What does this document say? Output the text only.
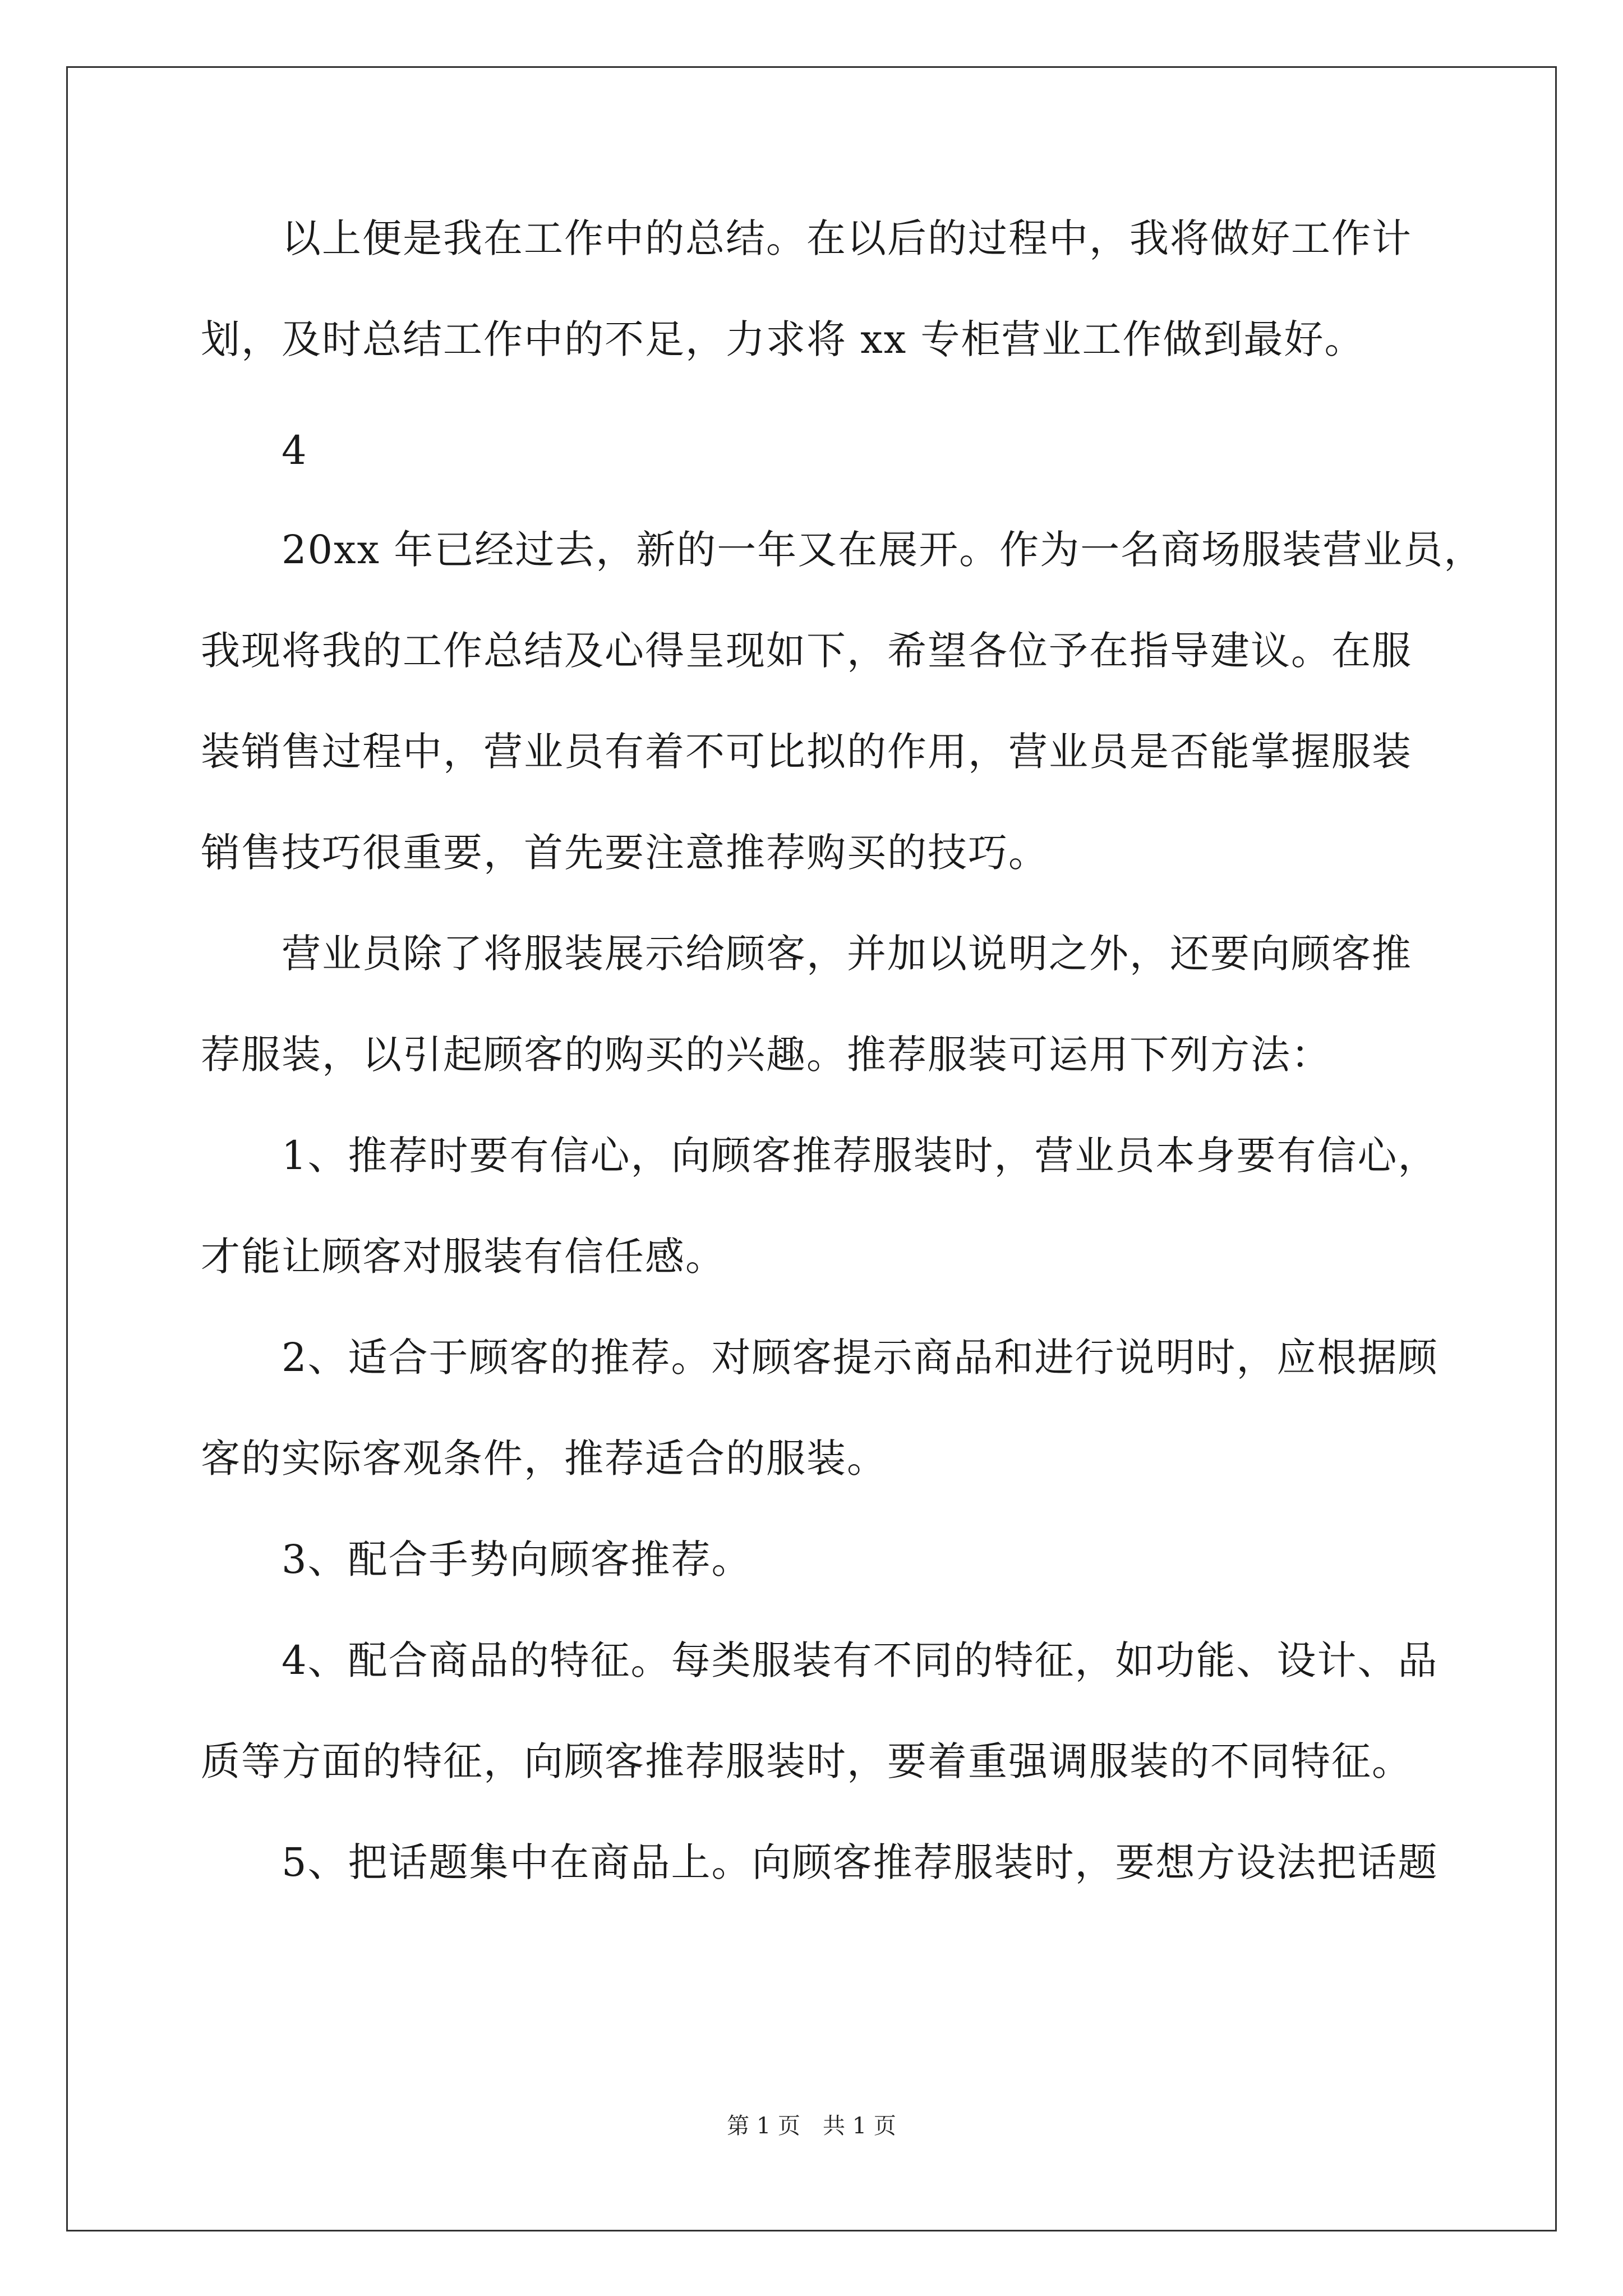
以上便是我在工作中的总结。在以后的过程中，我将做好工作计
划，及时总结工作中的不足，力求将 xx 专柜营业工作做到最好。
4
20xx 年已经过去，新的一年又在展开。作为一名商场服装营业员，
我现将我的工作总结及心得呈现如下，希望各位予在指导建议。在服
装销售过程中，营业员有着不可比拟的作用，营业员是否能掌握服装
销售技巧很重要，首先要注意推荐购买的技巧。
营业员除了将服装展示给顾客，并加以说明之外，还要向顾客推
荐服装，以引起顾客的购买的兴趣。推荐服装可运用下列方法：
1、推荐时要有信心，向顾客推荐服装时，营业员本身要有信心，
才能让顾客对服装有信任感。
2、适合于顾客的推荐。对顾客提示商品和进行说明时，应根据顾
客的实际客观条件，推荐适合的服装。
3、配合手势向顾客推荐。
4、配合商品的特征。每类服装有不同的特征，如功能、设计、品
质等方面的特征，向顾客推荐服装时，要着重强调服装的不同特征。
5、把话题集中在商品上。向顾客推荐服装时，要想方设法把话题
第 1 页　共 1 页
